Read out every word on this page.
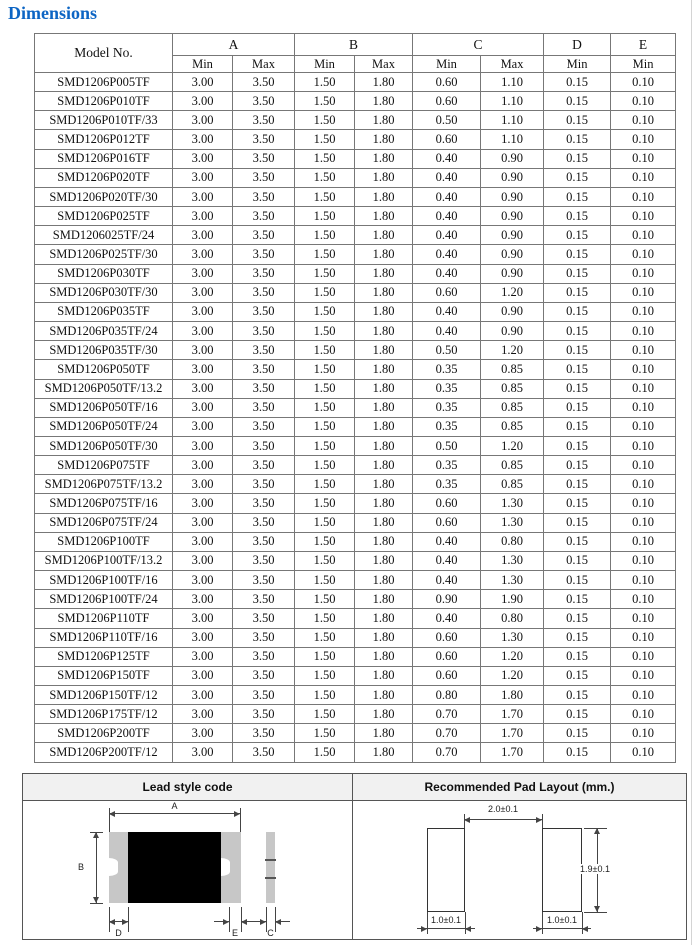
Dimensions
Model No.	A		B		C		D	E
	Min	Max	Min	Max	Min	Max	Min	Min
SMD1206P005TF	3.00	3.50	1.50	1.80	0.60	1.10	0.15	0.10
SMD1206P010TF	3.00	3.50	1.50	1.80	0.60	1.10	0.15	0.10
SMD1206P010TF/33	3.00	3.50	1.50	1.80	0.50	1.10	0.15	0.10
SMD1206P012TF	3.00	3.50	1.50	1.80	0.60	1.10	0.15	0.10
SMD1206P016TF	3.00	3.50	1.50	1.80	0.40	0.90	0.15	0.10
SMD1206P020TF	3.00	3.50	1.50	1.80	0.40	0.90	0.15	0.10
SMD1206P020TF/30	3.00	3.50	1.50	1.80	0.40	0.90	0.15	0.10
SMD1206P025TF	3.00	3.50	1.50	1.80	0.40	0.90	0.15	0.10
SMD1206025TF/24	3.00	3.50	1.50	1.80	0.40	0.90	0.15	0.10
SMD1206P025TF/30	3.00	3.50	1.50	1.80	0.40	0.90	0.15	0.10
SMD1206P030TF	3.00	3.50	1.50	1.80	0.40	0.90	0.15	0.10
SMD1206P030TF/30	3.00	3.50	1.50	1.80	0.60	1.20	0.15	0.10
SMD1206P035TF	3.00	3.50	1.50	1.80	0.40	0.90	0.15	0.10
SMD1206P035TF/24	3.00	3.50	1.50	1.80	0.40	0.90	0.15	0.10
SMD1206P035TF/30	3.00	3.50	1.50	1.80	0.50	1.20	0.15	0.10
SMD1206P050TF	3.00	3.50	1.50	1.80	0.35	0.85	0.15	0.10
SMD1206P050TF/13.2	3.00	3.50	1.50	1.80	0.35	0.85	0.15	0.10
SMD1206P050TF/16	3.00	3.50	1.50	1.80	0.35	0.85	0.15	0.10
SMD1206P050TF/24	3.00	3.50	1.50	1.80	0.35	0.85	0.15	0.10
SMD1206P050TF/30	3.00	3.50	1.50	1.80	0.50	1.20	0.15	0.10
SMD1206P075TF	3.00	3.50	1.50	1.80	0.35	0.85	0.15	0.10
SMD1206P075TF/13.2	3.00	3.50	1.50	1.80	0.35	0.85	0.15	0.10
SMD1206P075TF/16	3.00	3.50	1.50	1.80	0.60	1.30	0.15	0.10
SMD1206P075TF/24	3.00	3.50	1.50	1.80	0.60	1.30	0.15	0.10
SMD1206P100TF	3.00	3.50	1.50	1.80	0.40	0.80	0.15	0.10
SMD1206P100TF/13.2	3.00	3.50	1.50	1.80	0.40	1.30	0.15	0.10
SMD1206P100TF/16	3.00	3.50	1.50	1.80	0.40	1.30	0.15	0.10
SMD1206P100TF/24	3.00	3.50	1.50	1.80	0.90	1.90	0.15	0.10
SMD1206P110TF	3.00	3.50	1.50	1.80	0.40	0.80	0.15	0.10
SMD1206P110TF/16	3.00	3.50	1.50	1.80	0.60	1.30	0.15	0.10
SMD1206P125TF	3.00	3.50	1.50	1.80	0.60	1.20	0.15	0.10
SMD1206P150TF	3.00	3.50	1.50	1.80	0.60	1.20	0.15	0.10
SMD1206P150TF/12	3.00	3.50	1.50	1.80	0.80	1.80	0.15	0.10
SMD1206P175TF/12	3.00	3.50	1.50	1.80	0.70	1.70	0.15	0.10
SMD1206P200TF	3.00	3.50	1.50	1.80	0.70	1.70	0.15	0.10
SMD1206P200TF/12	3.00	3.50	1.50	1.80	0.70	1.70	0.15	0.10
Lead style code
A
B
D	E	C
Recommended Pad Layout (mm.)
2.0±0.1
1.9±0.1
1.0±0.1	1.0±0.1
